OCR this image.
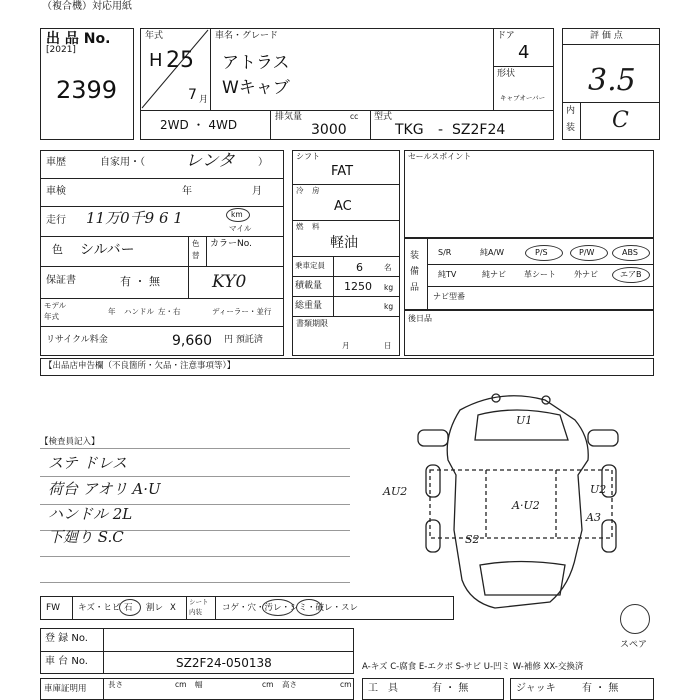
（複合機）対応用紙
出 品 No.
[2021]
2399
年式
H 25
7 月
車名・グレード
アトラス
Wキャブ
ドア
4
形状
キャブオーバー
2WD ・ 4WD
排気量	cc
3000
型式
TKG - SZ2F24
評 価 点
3.5
内
装 C
車歴	自家用・（ レンタ ）
車検	年	月
走行 11万0千9 6 1	km
マイル
色 シルバー	色
替
カラーNo.
KY0
保証書	有 ・ 無
モデル
年式
年 ハンドル 左・右	ディーラー・並行
リサイクル料金	9,660 円 預託済
シフト
FAT
冷 房
AC
燃 料
軽油
乗車定員	6	名
積載量 1250 kg
総重量	kg
書類期限
月	日
セールスポイント
装
備
品
S/R	純A/W	P/S	P/W	ABS
純TV	純ナビ 革シート 外ナビ	エアB
ナビ型番
後日品
【出品店申告欄（不良箇所・欠品・注意事項等）】
【検査員記入】
ステ ドレス
荷台 アオリ A·U
ハンドル 2L
下廻り S.C
U1
AU2
A·U2
U2
A3
S2
スペア
FW キズ・ヒビ 石 割レ X
シート
内装 コゲ・穴・汚レ・シミ・破レ・スレ
登 録 No.
車 台 No.	SZ2F24-050138	A-キズ C-腐食 E-エクボ S-サビ U-凹ミ W-補修 XX-交換済
車庫証明用	長さ	cm 幅	cm 高さ	cm 工　具	有 ・ 無	ジャッキ	有 ・ 無
